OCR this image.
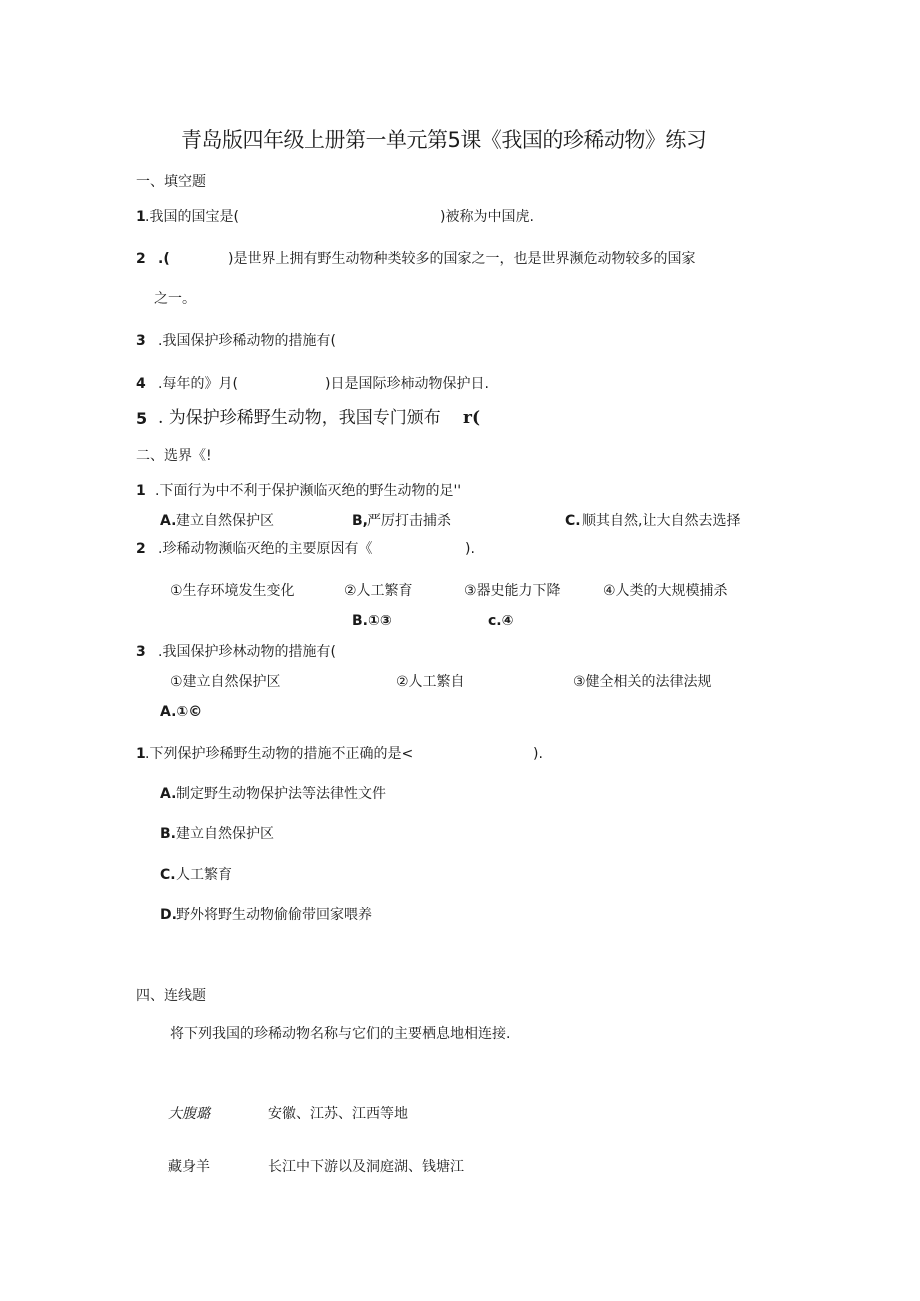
青岛版四年级上册第一单元第5课《我国的珍稀动物》练习
一、填空题
1 .我国的国宝是(	)被称为中国虎.
2 .(	)是世界上拥有野生动物种类较多的国家之一，也是世界濒危动物较多的国家
之一。
3 .我国保护珍稀动物的措施有(
4 .每年的》月(	)日是国际珍柿动物保护日.
5 . 为保护珍稀野生动物，我国专门颁布 r(
二、选界《!
1 .下面行为中不利于保护濒临灭绝的野生动物的足''
A. 建立自然保护区	B, 严厉打击捕杀	C. 顺其自然,让大自然去选择
2 .珍稀动物濒临灭绝的主要原因有《	).
①生存环境发生变化	②人工繁育	③器史能力下降	④人类的大规模捕杀
B.①③	c.④
3 .我国保护珍林动物的措施有(
①建立自然保护区	②人工繁自	③健全相关的法律法规
A.①©
1 .下列保护珍稀野生动物的措施不正确的是<	).
A. 制定野生动物保护法等法律性文件
B. 建立自然保护区
C. 人工繁育
D. 野外将野生动物偷偷带回家喂养
四、连线题
将下列我国的珍稀动物名称与它们的主要栖息地相连接.
大腹璐	安徽、江苏、江西等地
藏身羊	长江中下游以及洞庭湖、钱塘江
